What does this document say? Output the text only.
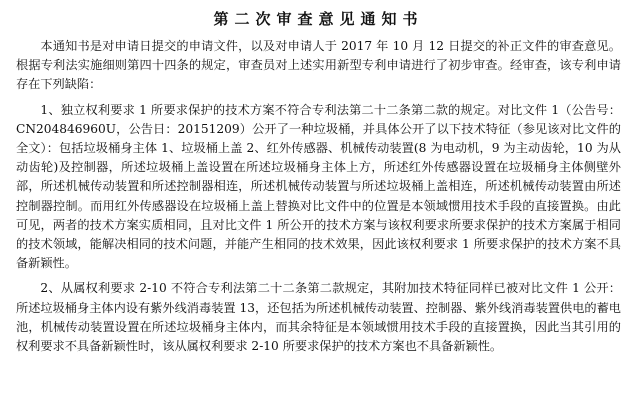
第二次审查意见通知书

本通知书是对申请日提交的申请文件，以及对申请人于 2017 年 10 月 12 日提交的补正文件的审查意见。根据专利法实施细则第四十四条的规定，审查员对上述实用新型专利申请进行了初步审查。经审查，该专利申请存在下列缺陷：

1、独立权利要求 1 所要求保护的技术方案不符合专利法第二十二条第二款的规定。对比文件 1（公告号：CN204846960U，公告日：20151209）公开了一种垃圾桶，并具体公开了以下技术特征（参见该对比文件的全文）：包括垃圾桶身主体 1、垃圾桶上盖 2、红外传感器、机械传动装置(8 为电动机，9 为主动齿轮，10 为从动齿轮)及控制器，所述垃圾桶上盖设置在所述垃圾桶身主体上方，所述红外传感器设置在垃圾桶身主体侧壁外部，所述机械传动装置和所述控制器相连，所述机械传动装置与所述垃圾桶上盖相连，所述机械传动装置由所述控制器控制。而用红外传感器设在垃圾桶上盖上替换对比文件中的位置是本领域惯用技术手段的直接置换。由此可见，两者的技术方案实质相同，且对比文件 1 所公开的技术方案与该权利要求所要求保护的技术方案属于相同的技术领域，能解决相同的技术问题，并能产生相同的技术效果，因此该权利要求 1 所要求保护的技术方案不具备新颖性。

2、从属权利要求 2-10 不符合专利法第二十二条第二款规定，其附加技术特征同样已被对比文件 1 公开：所述垃圾桶身主体内设有紫外线消毒装置 13，还包括为所述机械传动装置、控制器、紫外线消毒装置供电的蓄电池，机械传动装置设置在所述垃圾桶身主体内，而其余特征是本领域惯用技术手段的直接置换，因此当其引用的权利要求不具备新颖性时，该从属权利要求 2-10 所要求保护的技术方案也不具备新颖性。
